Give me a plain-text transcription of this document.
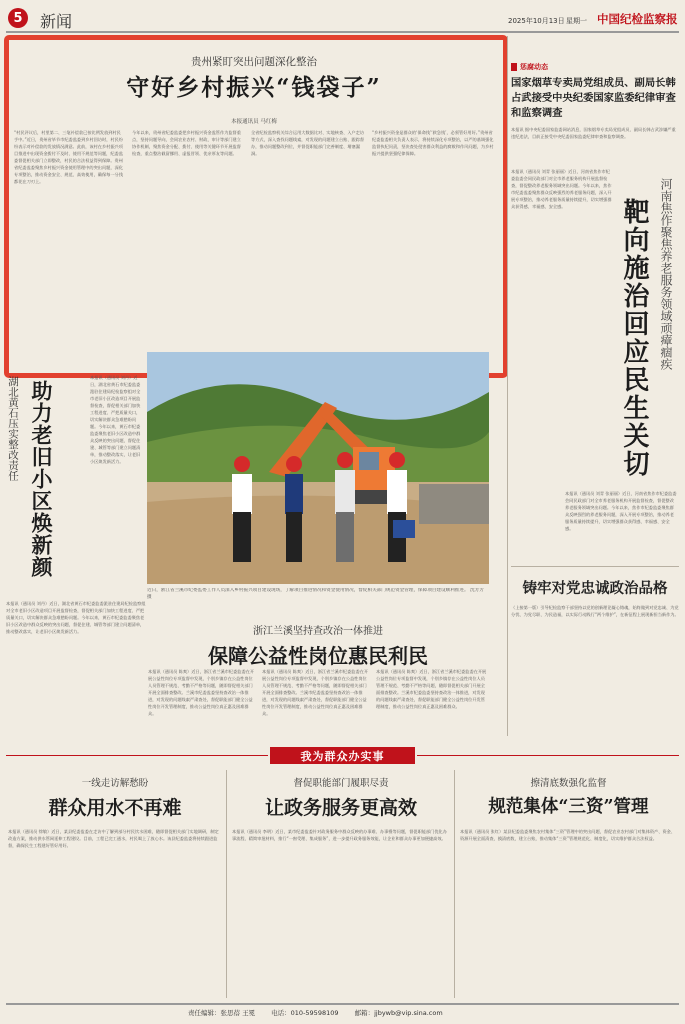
5 新闻	2025年10月13日 星期一 中国纪检监察报
贵州紧盯突出问题深化整治
守好乡村振兴“钱袋子”
本报通讯员 马红梅
“村民评议后，村里第二、三笔补偿款已按比例发放到村民手中。”近日，贵州省毕节市纪委监委到乡村回访时，村民纷纷表示对补偿款的发放情况满意。此前，该村在乡村振兴项目推进中出现资金拨付不及时、使用不规范等问题，纪委监委督促相关部门立即整改，村民的合法权益得到保障。贵州省纪委监委聚焦乡村振兴资金使用管理中的突出问题，深化专项整治，推动资金安全、规范、高效使用，确保每一分钱都花在刀刃上。
今年以来，贵州省纪委监委把乡村振兴资金监管作为监督重点，坚持问题导向，会同农业农村、财政、审计等部门建立协作机制，聚焦资金分配、拨付、使用等关键环节开展监督检查，重点整治截留挪用、虚报冒领、优亲厚友等问题。
全省纪检监察机关综合运用大数据比对、实地核查、入户走访等方式，深入查找问题线索，对发现的问题建立台账、跟踪督办，推动问题整改到位，并督促职能部门完善制度、堵塞漏洞。
“乡村振兴资金是群众的‘保命钱’‘救急钱’，必须管好用好。”贵州省纪委监委相关负责人表示，将持续深化专项整治，以严的基调强化监督执纪问责，坚决查处侵害群众利益的腐败和作风问题，为乡村振兴提供坚强纪律保障。
惩腐动态
国家烟草专卖局党组成员、副局长韩占武接受中央纪委国家监委纪律审查和监察调查
本报讯 据中央纪委国家监委网站消息，国家烟草专卖局党组成员、副局长韩占武涉嫌严重违纪违法，目前正接受中央纪委国家监委纪律审查和监察调查。
河南焦作聚焦养老服务领域顽瘴痼疾
靶向施治回应民生关切
本报讯（通讯员 刘青 张丽丽）近日，河南省焦作市纪委监委会同民政部门对全市养老服务机构开展监督检查，督促整改养老服务领域突出问题。今年以来，焦作市纪委监委聚焦群众反映强烈的养老服务问题，深入开展专项整治，推动养老服务质量持续提升，切实增强群众获得感、幸福感、安全感。
本报讯（通讯员 刘青 张丽丽）近日，河南省焦作市纪委监委会同民政部门对全市养老服务机构开展监督检查，督促整改养老服务领域突出问题。今年以来，焦作市纪委监委聚焦群众反映强烈的养老服务问题，深入开展专项整治，推动养老服务质量持续提升，切实增强群众获得感、幸福感、安全感。
铸牢对党忠诚政治品格
（上接第一版）引导纪检监察干部坚持以党的创新理论凝心铸魂，始终做到对党忠诚、为党分忧、为党尽职、为民造福，以实际行动践行“两个维护”，在新征程上展现新担当新作为。
湖北黄石压实整改责任 助力老旧小区焕新颜
本报讯（通讯员 刘丹）近日，湖北省黄石市纪委监委派驻住建局纪检监察组对全市老旧小区改造项目开展监督检查，督促相关部门加快工程进度、严把质量关口，切实解决群众急难愁盼问题。今年以来，黄石市纪委监委聚焦老旧小区改造中群众反映的突出问题，督促住建、城管等部门建立问题清单，推动整改落实，让老旧小区焕发新活力。
本报讯（通讯员 刘丹）近日，湖北省黄石市纪委监委派驻住建局纪检监察组对全市老旧小区改造项目开展监督检查，督促相关部门加快工程进度、严把质量关口，切实解决群众急难愁盼问题。今年以来，黄石市纪委监委聚焦老旧小区改造中群众反映的突出问题，督促住建、城管等部门建立问题清单，推动整改落实，让老旧小区焕发新活力。
近日，浙江省兰溪市纪委监委工作人员深入乡村振兴项目建设现场，了解项目推进情况和资金使用情况，督促相关部门规范资金管理，保障项目建设顺利推进。 沈芳芳 摄
浙江兰溪坚持查改治一体推进
保障公益性岗位惠民利民
本报讯（通讯员 陈爽）近日，浙江省兰溪市纪委监委在开展公益性岗位专项监督中发现，个别乡镇存在公益性岗位人员管理不规范、考勤不严格等问题，随即督促相关部门开展全面排查整改。兰溪市纪委监委坚持查改治一体推进，对发现的问题线索严肃查处，督促职能部门健全公益性岗位开发管理制度，推动公益性岗位真正惠及困难群众。
本报讯（通讯员 陈爽）近日，浙江省兰溪市纪委监委在开展公益性岗位专项监督中发现，个别乡镇存在公益性岗位人员管理不规范、考勤不严格等问题，随即督促相关部门开展全面排查整改。兰溪市纪委监委坚持查改治一体推进，对发现的问题线索严肃查处，督促职能部门健全公益性岗位开发管理制度，推动公益性岗位真正惠及困难群众。
本报讯（通讯员 陈爽）近日，浙江省兰溪市纪委监委在开展公益性岗位专项监督中发现，个别乡镇存在公益性岗位人员管理不规范、考勤不严格等问题，随即督促相关部门开展全面排查整改。兰溪市纪委监委坚持查改治一体推进，对发现的问题线索严肃查处，督促职能部门健全公益性岗位开发管理制度，推动公益性岗位真正惠及困难群众。
我为群众办实事
一线走访解愁盼
群众用水不再难
本报讯（通讯员 徐敏）近日，某县纪委监委在走访中了解到部分村民饮水困难，随即督促相关部门实地调研，制定改造方案，推动供水管网延伸工程建设。目前，工程已完工通水，村民喝上了放心水。该县纪委监委将持续跟进监督，确保民生工程建好管好用好。
督促职能部门履职尽责
让政务服务更高效
本报讯（通讯员 李明）近日，某市纪委监委针对政务服务中群众反映的办事难、办事慢等问题，督促职能部门优化办事流程、精简审批材料，推行“一窗受理、集成服务”，进一步提升政务服务效能，让企业和群众办事更加便捷高效。
擦清底数强化监督
规范集体“三资”管理
本报讯（通讯员 张红）某县纪委监委聚焦农村集体“三资”管理中的突出问题，督促农业农村部门对集体资产、资金、资源开展全面清查，摸清底数，建立台账，推动集体“三资”管理规范化、制度化，切实维护群众合法权益。
责任编辑：张思蓓 王冕 电话：010-59598109 邮箱：jjbywb@vip.sina.com
